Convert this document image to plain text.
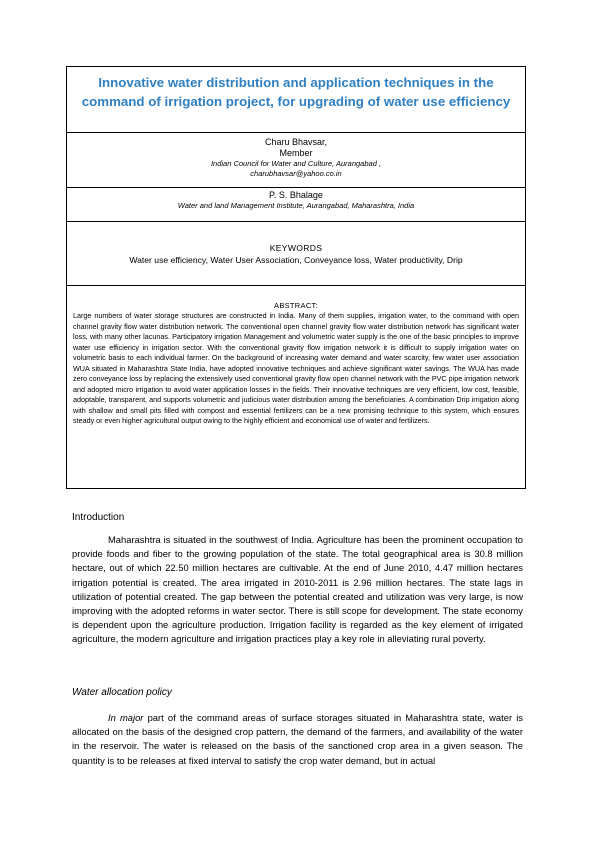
Innovative water distribution and application techniques in the command of irrigation project, for upgrading of water use efficiency
Charu Bhavsar,
Member
Indian Council for Water and Culture, Aurangabad ,
charubhavsar@yahoo.co.in
P. S. Bhalage
Water and land Management Institute, Aurangabad, Maharashtra, India
KEYWORDS
Water use efficiency, Water User Association, Conveyance loss, Water productivity, Drip
ABSTRACT:
Large numbers of water storage structures are constructed in India. Many of them supplies, irrigation water, to the command with open channel gravity flow water distribution network. The conventional open channel gravity flow water distribution network has significant water loss, with many other lacunas. Participatory irrigation Management and volumetric water supply is the one of the basic principles to improve water use efficiency in irrigation sector. With the conventional gravity flow irrigation network it is difficult to supply irrigation water on volumetric basis to each individual farmer. On the background of increasing water demand and water scarcity, few water user association WUA situated in Maharashtra State India, have adopted innovative techniques and achieve significant water savings. The WUA has made zero conveyance loss by replacing the extensively used conventional gravity flow open channel network with the PVC pipe irrigation network and adopted micro irrigation to avoid water application losses in the fields. Their innovative techniques are very efficient, low cost, feasible, adoptable, transparent, and supports volumetric and judicious water distribution among the beneficiaries. A combination Drip irrigation along with shallow and small pits filled with compost and essential fertilizers can be a new promising technique to this system, which ensures steady or even higher agricultural output owing to the highly efficient and economical use of water and fertilizers.
Introduction

Maharashtra is situated in the southwest of India. Agriculture has been the prominent occupation to provide foods and fiber to the growing population of the state. The total geographical area is 30.8 million hectare, out of which 22.50 million hectares are cultivable. At the end of June 2010, 4.47 million hectares irrigation potential is created. The area irrigated in 2010-2011 is 2.96 million hectares. The state lags in utilization of potential created. The gap between the potential created and utilization was very large, is now improving with the adopted reforms in water sector. There is still scope for development. The state economy is dependent upon the agriculture production. Irrigation facility is regarded as the key element of irrigated agriculture, the modern agriculture and irrigation practices play a key role in alleviating rural poverty.

Water allocation policy

In major part of the command areas of surface storages situated in Maharashtra state, water is allocated on the basis of the designed crop pattern, the demand of the farmers, and availability of the water in the reservoir. The water is released on the basis of the sanctioned crop area in a given season. The quantity is to be releases at fixed interval to satisfy the crop water demand, but in actual
